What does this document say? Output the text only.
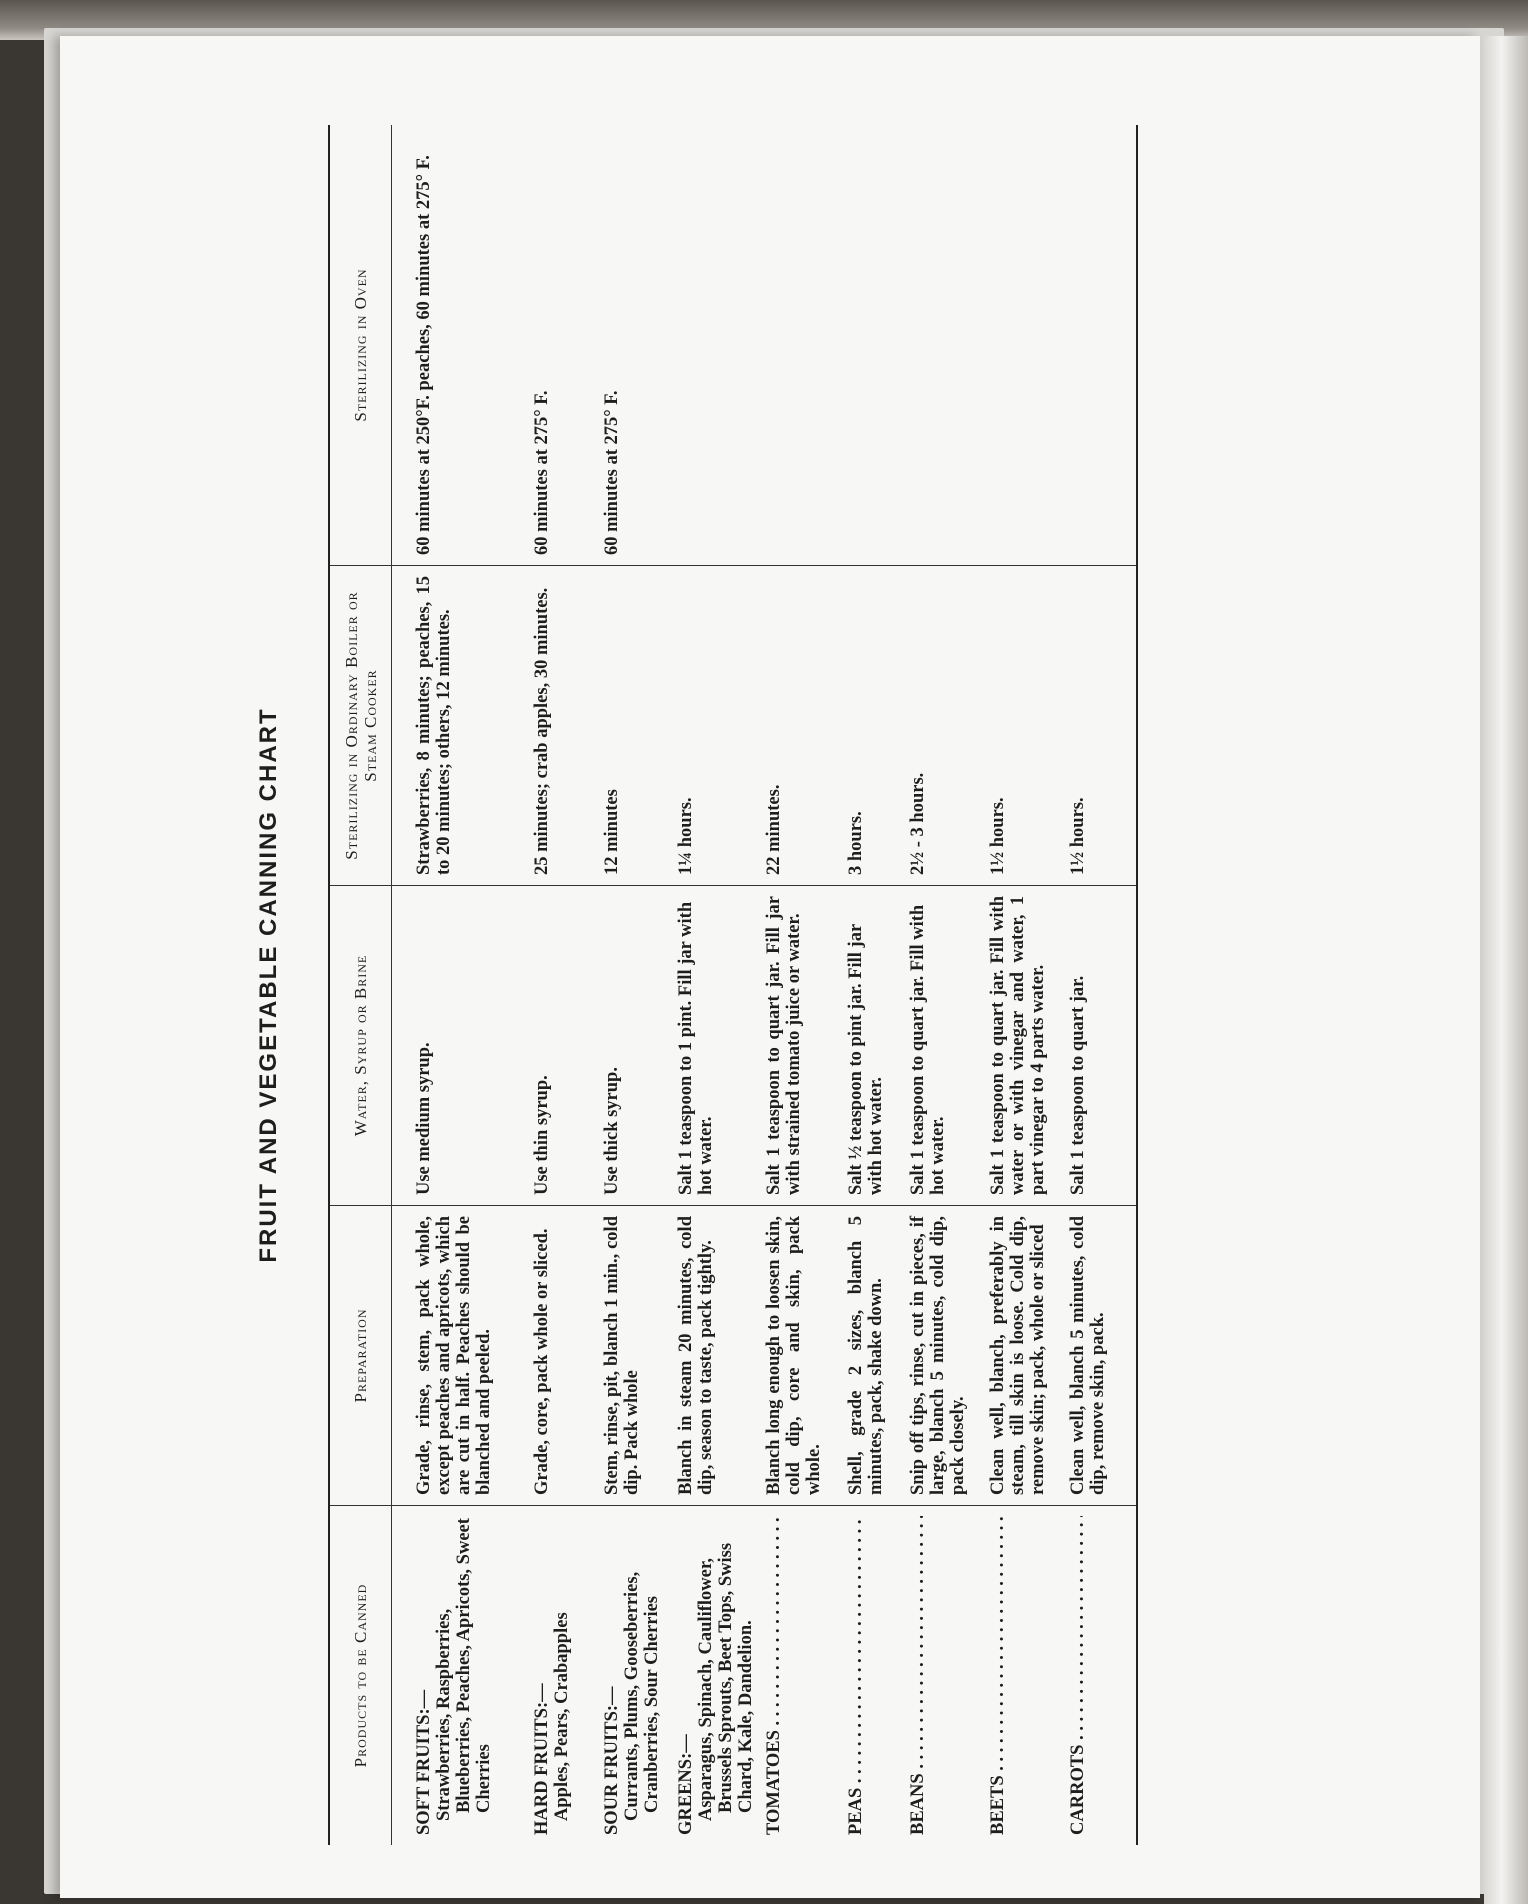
FRUIT AND VEGETABLE CANNING CHART
Products to be Canned
Preparation
Water, Syrup or Brine
Sterilizing in Ordinary Boiler or Steam Cooker
Sterilizing in Oven
SOFT FRUITS:— Strawberries, Raspberries, Blueberries, Peaches, Apricots, Sweet Cherries
Grade, rinse, stem, pack whole, except peaches and apricots, which are cut in half. Peaches should be blanched and peeled.
Use medium syrup.
Strawberries, 8 minutes; peaches, 15 to 20 minutes; others, 12 minutes.
60 minutes at 250°F. peaches, 60 minutes at 275° F.
HARD FRUITS:— Apples, Pears, Crabapples
Grade, core, pack whole or sliced.
Use thin syrup.
25 minutes; crab apples, 30 minutes.
60 minutes at 275° F.
SOUR FRUITS:— Currants, Plums, Gooseberries, Cranberries, Sour Cherries
Stem, rinse, pit, blanch 1 min., cold dip. Pack whole
Use thick syrup.
12 minutes
60 minutes at 275° F.
GREENS:— Asparagus, Spinach, Cauliflower, Brussels Sprouts, Beet Tops, Swiss Chard, Kale, Dandelion.
Blanch in steam 20 minutes, cold dip, season to taste, pack tightly.
Salt 1 teaspoon to 1 pint. Fill jar with hot water.
1¼ hours.
TOMATOES . . .
Blanch long enough to loosen skin, cold dip, core and skin, pack whole.
Salt 1 teaspoon to quart jar. Fill jar with strained tomato juice or water.
22 minutes.
PEAS . . .
Shell, grade 2 sizes, blanch 5 minutes, pack, shake down.
Salt ½ teaspoon to pint jar. Fill jar with hot water.
3 hours.
BEANS . . .
Snip off tips, rinse, cut in pieces, if large, blanch 5 minutes, cold dip, pack closely.
Salt 1 teaspoon to quart jar. Fill with hot water.
2½ - 3 hours.
BEETS . . .
Clean well, blanch, preferably in steam, till skin is loose. Cold dip, remove skin; pack, whole or sliced
Salt 1 teaspoon to quart jar. Fill with water or with vinegar and water, 1 part vinegar to 4 parts water.
1½ hours.
CARROTS . . .
Clean well, blanch 5 minutes, cold dip, remove skin, pack.
Salt 1 teaspoon to quart jar.
1½ hours.
